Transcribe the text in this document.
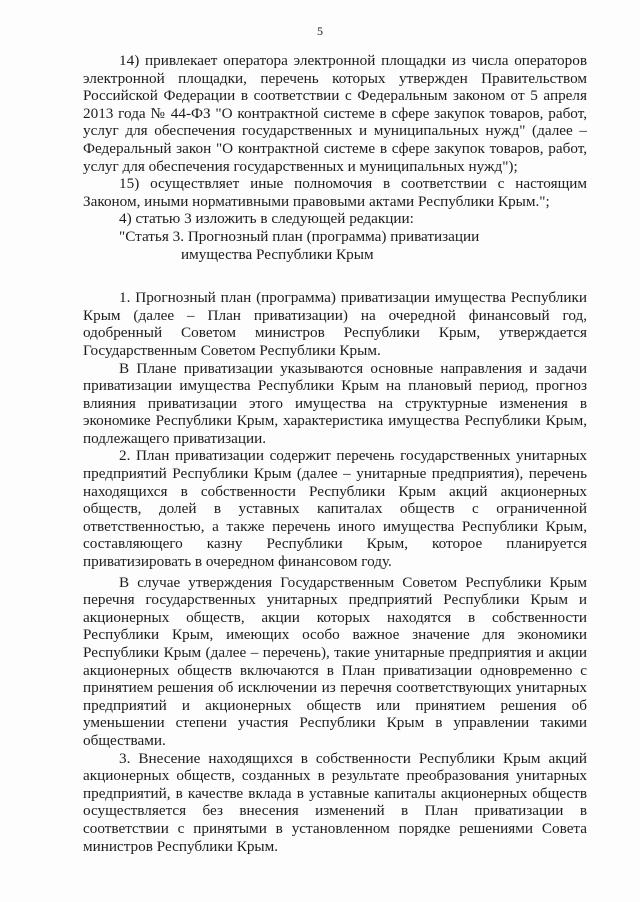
5

14) привлекает оператора электронной площадки из числа операторов электронной площадки, перечень которых утвержден Правительством Российской Федерации в соответствии с Федеральным законом от 5 апреля 2013 года № 44-ФЗ "О контрактной системе в сфере закупок товаров, работ, услуг для обеспечения государственных и муниципальных нужд" (далее – Федеральный закон "О контрактной системе в сфере закупок товаров, работ, услуг для обеспечения государственных и муниципальных нужд");

15) осуществляет иные полномочия в соответствии с настоящим Законом, иными нормативными правовыми актами Республики Крым.";

4) статью 3 изложить в следующей редакции:

"Статья 3. Прогнозный план (программа) приватизации

имущества Республики Крым

1. Прогнозный план (программа) приватизации имущества Республики Крым (далее – План приватизации) на очередной финансовый год, одобренный Советом министров Республики Крым, утверждается Государственным Советом Республики Крым.

В Плане приватизации указываются основные направления и задачи приватизации имущества Республики Крым на плановый период, прогноз влияния приватизации этого имущества на структурные изменения в экономике Республики Крым, характеристика имущества Республики Крым, подлежащего приватизации.

2. План приватизации содержит перечень государственных унитарных предприятий Республики Крым (далее – унитарные предприятия), перечень находящихся в собственности Республики Крым акций акционерных обществ, долей в уставных капиталах обществ с ограниченной ответственностью, а также перечень иного имущества Республики Крым, составляющего казну Республики Крым, которое планируется приватизировать в очередном финансовом году.

В случае утверждения Государственным Советом Республики Крым перечня государственных унитарных предприятий Республики Крым и акционерных обществ, акции которых находятся в собственности Республики Крым, имеющих особо важное значение для экономики Республики Крым (далее – перечень), такие унитарные предприятия и акции акционерных обществ включаются в План приватизации одновременно с принятием решения об исключении из перечня соответствующих унитарных предприятий и акционерных обществ или принятием решения об уменьшении степени участия Республики Крым в управлении такими обществами.

3. Внесение находящихся в собственности Республики Крым акций акционерных обществ, созданных в результате преобразования унитарных предприятий, в качестве вклада в уставные капиталы акционерных обществ осуществляется без внесения изменений в План приватизации в соответствии с принятыми в установленном порядке решениями Совета министров Республики Крым.
